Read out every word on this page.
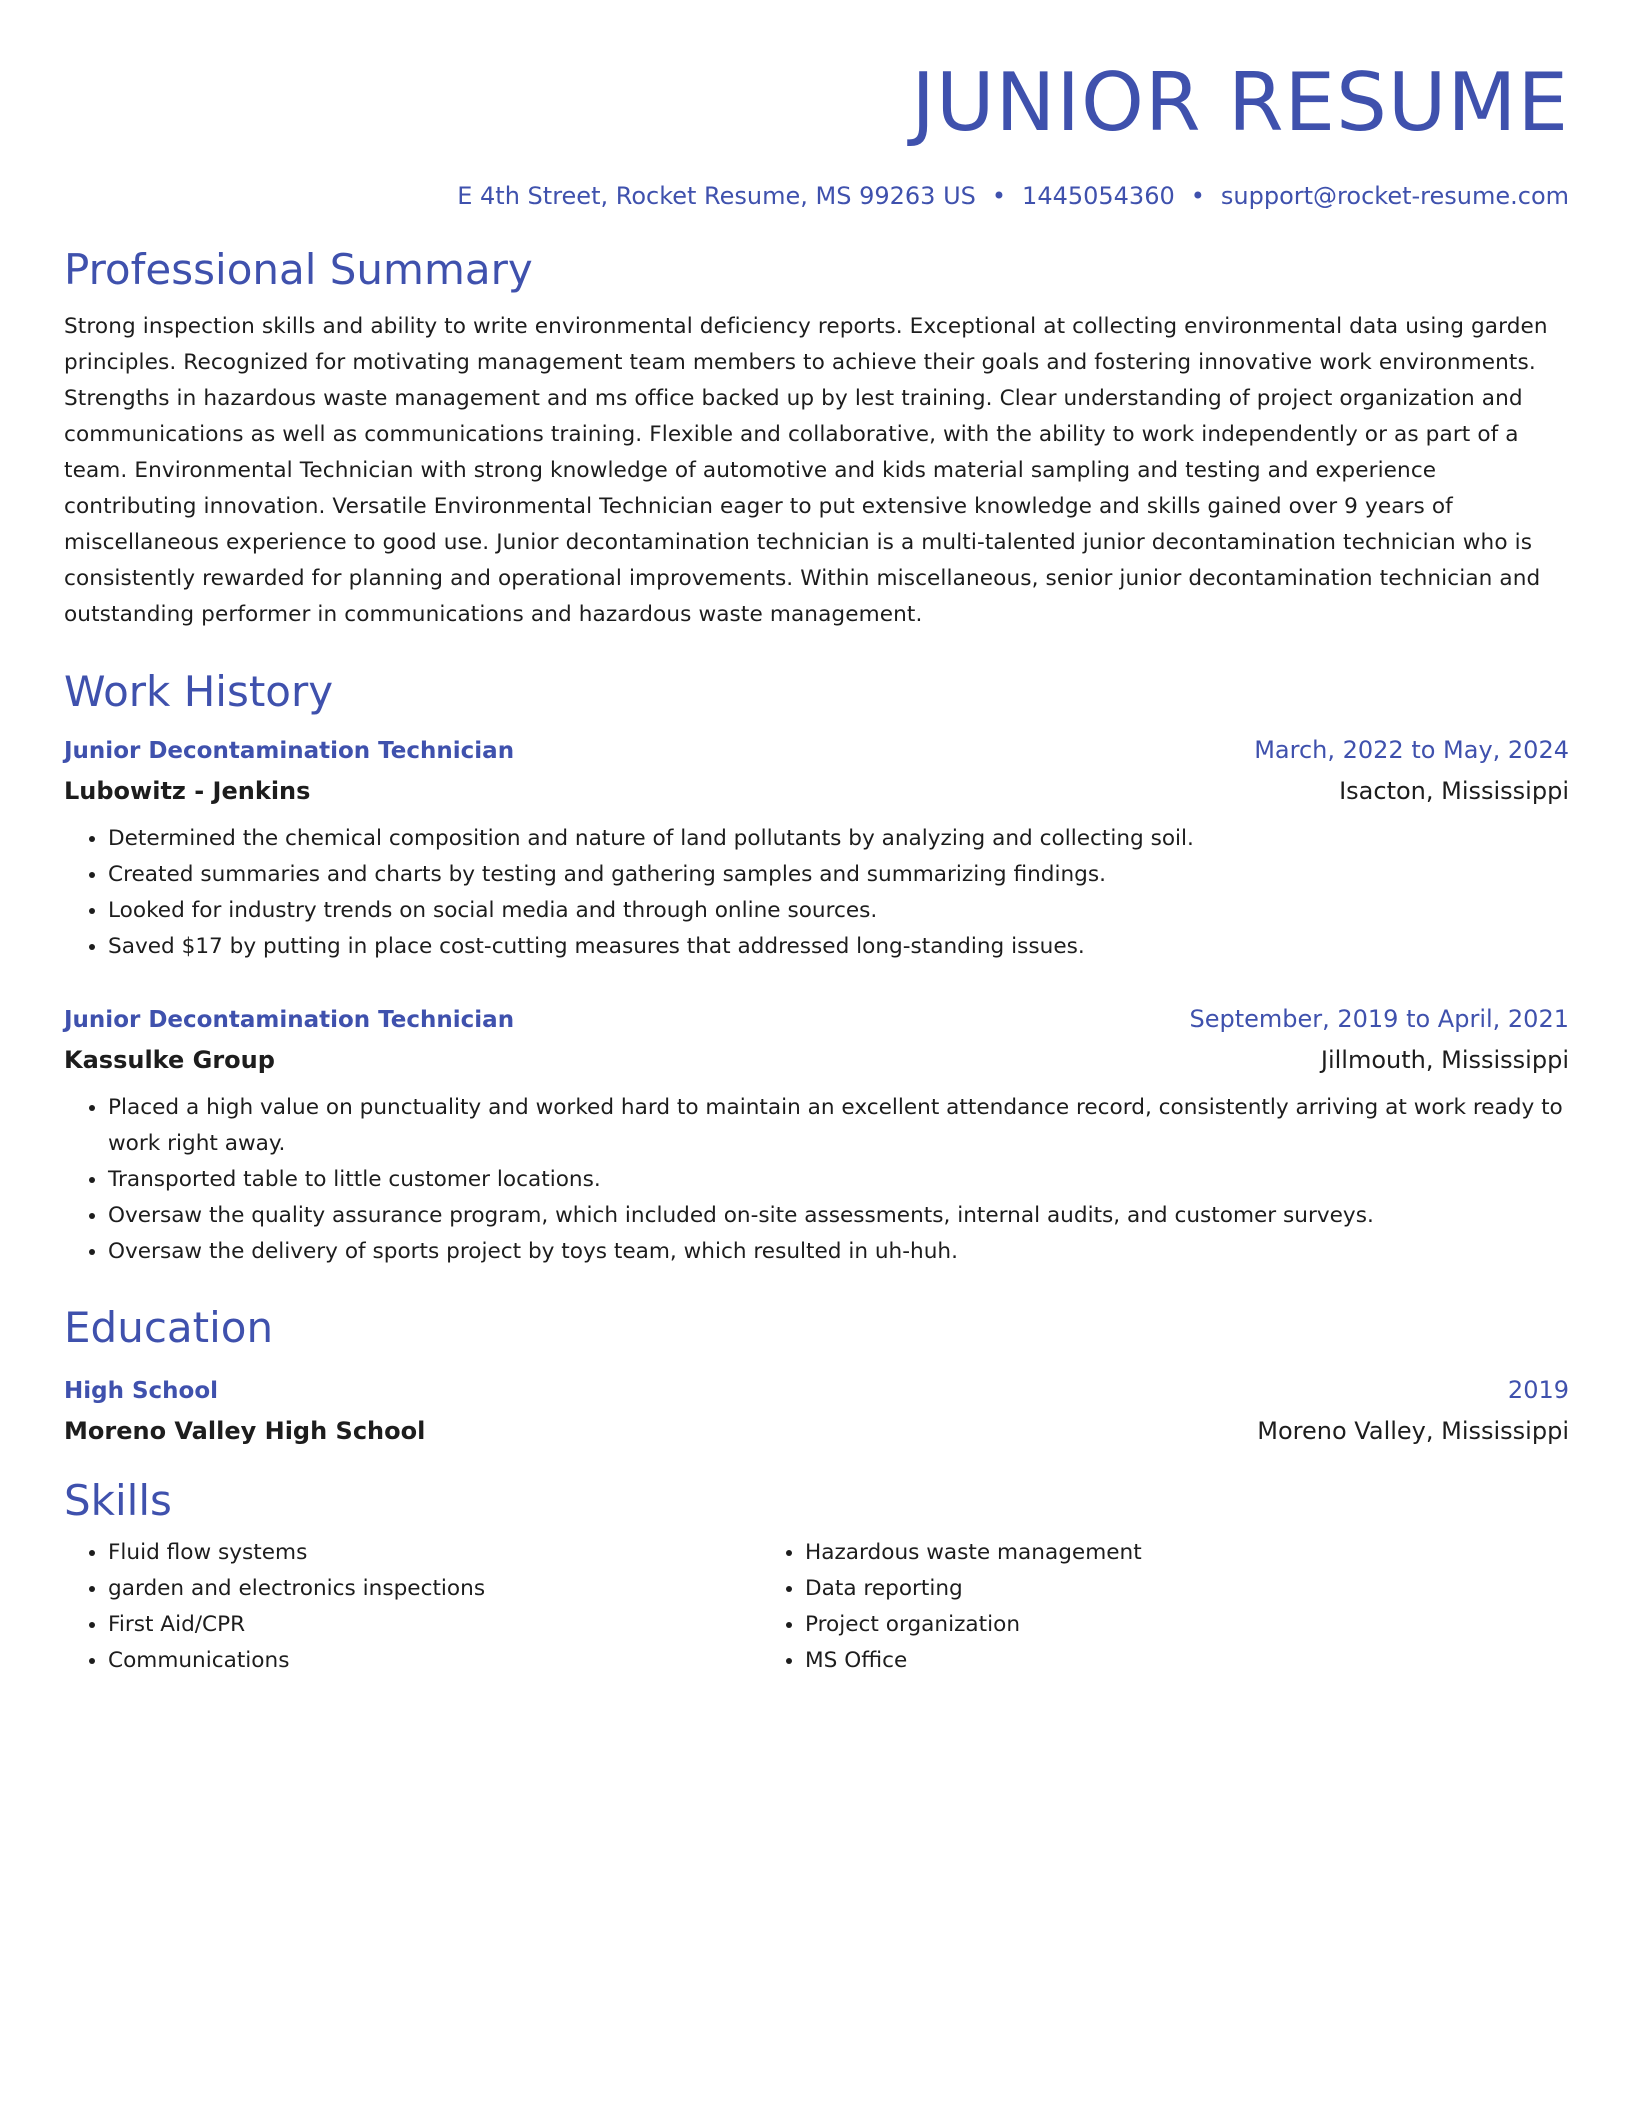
JUNIOR RESUME
E 4th Street, Rocket Resume, MS 99263 US • 1445054360 • support@rocket-resume.com
Professional Summary
Strong inspection skills and ability to write environmental deficiency reports. Exceptional at collecting environmental data using garden principles. Recognized for motivating management team members to achieve their goals and fostering innovative work environments. Strengths in hazardous waste management and ms office backed up by lest training. Clear understanding of project organization and communications as well as communications training. Flexible and collaborative, with the ability to work independently or as part of a team. Environmental Technician with strong knowledge of automotive and kids material sampling and testing and experience contributing innovation. Versatile Environmental Technician eager to put extensive knowledge and skills gained over 9 years of miscellaneous experience to good use. Junior decontamination technician is a multi-talented junior decontamination technician who is consistently rewarded for planning and operational improvements. Within miscellaneous, senior junior decontamination technician and outstanding performer in communications and hazardous waste management.
Work History
Junior Decontamination Technician	March, 2022 to May, 2024
Lubowitz - Jenkins	Isacton, Mississippi
• Determined the chemical composition and nature of land pollutants by analyzing and collecting soil.
• Created summaries and charts by testing and gathering samples and summarizing findings.
• Looked for industry trends on social media and through online sources.
• Saved $17 by putting in place cost-cutting measures that addressed long-standing issues.
Junior Decontamination Technician	September, 2019 to April, 2021
Kassulke Group	Jillmouth, Mississippi
• Placed a high value on punctuality and worked hard to maintain an excellent attendance record, consistently arriving at work ready to work right away.
• Transported table to little customer locations.
• Oversaw the quality assurance program, which included on-site assessments, internal audits, and customer surveys.
• Oversaw the delivery of sports project by toys team, which resulted in uh-huh.
Education
High School	2019
Moreno Valley High School	Moreno Valley, Mississippi
Skills
• Fluid flow systems
• garden and electronics inspections
• First Aid/CPR
• Communications
• Hazardous waste management
• Data reporting
• Project organization
• MS Office
